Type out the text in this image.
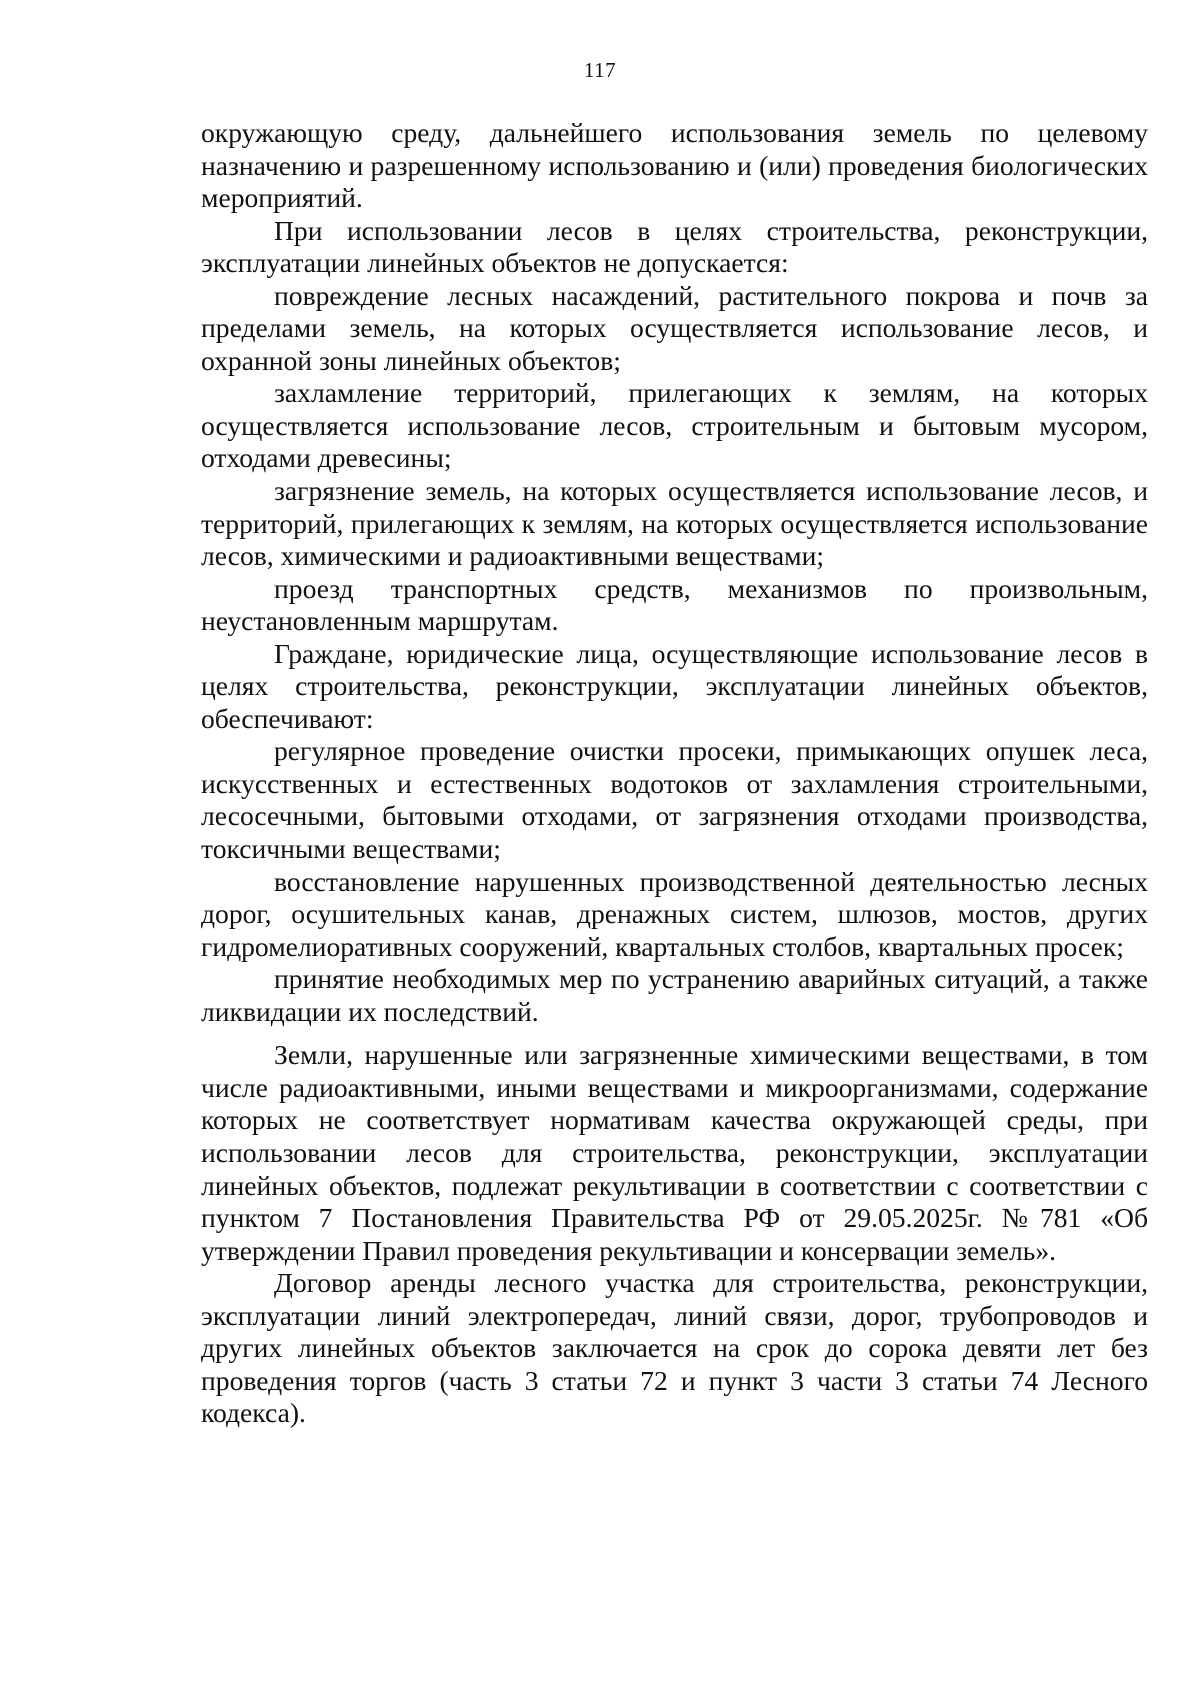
117

окружающую среду, дальнейшего использования земель по целевому назначению и разрешенному использованию и (или) проведения биологических мероприятий.

При использовании лесов в целях строительства, реконструкции, эксплуатации линейных объектов не допускается:

повреждение лесных насаждений, растительного покрова и почв за пределами земель, на которых осуществляется использование лесов, и охранной зоны линейных объектов;

захламление территорий, прилегающих к землям, на которых осуществляется использование лесов, строительным и бытовым мусором, отходами древесины;

загрязнение земель, на которых осуществляется использование лесов, и территорий, прилегающих к землям, на которых осуществляется использование лесов, химическими и радиоактивными веществами;

проезд транспортных средств, механизмов по произвольным, неустановленным маршрутам.

Граждане, юридические лица, осуществляющие использование лесов в целях строительства, реконструкции, эксплуатации линейных объектов, обеспечивают:

регулярное проведение очистки просеки, примыкающих опушек леса, искусственных и естественных водотоков от захламления строительными, лесосечными, бытовыми отходами, от загрязнения отходами производства, токсичными веществами;

восстановление нарушенных производственной деятельностью лесных дорог, осушительных канав, дренажных систем, шлюзов, мостов, других гидромелиоративных сооружений, квартальных столбов, квартальных просек;

принятие необходимых мер по устранению аварийных ситуаций, а также ликвидации их последствий.

Земли, нарушенные или загрязненные химическими веществами, в том числе радиоактивными, иными веществами и микроорганизмами, содержание которых не соответствует нормативам качества окружающей среды, при использовании лесов для строительства, реконструкции, эксплуатации линейных объектов, подлежат рекультивации в соответствии с соответствии с пунктом 7 Постановления Правительства РФ от 29.05.2025г. №781 «Об утверждении Правил проведения рекультивации и консервации земель».

Договор аренды лесного участка для строительства, реконструкции, эксплуатации линий электропередач, линий связи, дорог, трубопроводов и других линейных объектов заключается на срок до сорока девяти лет без проведения торгов (часть 3 статьи 72 и пункт 3 части 3 статьи 74 Лесного кодекса).
